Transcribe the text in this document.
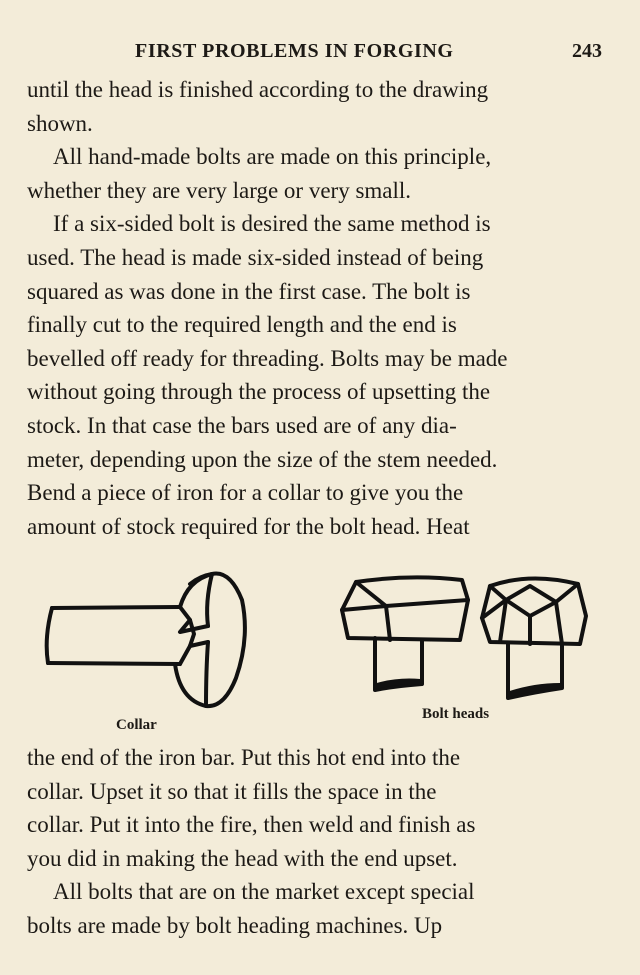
FIRST PROBLEMS IN FORGING	243

until the head is finished according to the drawing
shown.

All hand-made bolts are made on this principle,
whether they are very large or very small.

If a six-sided bolt is desired the same method is
used. The head is made six-sided instead of being
squared as was done in the first case. The bolt is
finally cut to the required length and the end is
bevelled off ready for threading. Bolts may be made
without going through the process of upsetting the
stock. In that case the bars used are of any dia-
meter, depending upon the size of the stem needed.
Bend a piece of iron for a collar to give you the
amount of stock required for the bolt head. Heat

Collar
Bolt heads

the end of the iron bar. Put this hot end into the
collar. Upset it so that it fills the space in the
collar. Put it into the fire, then weld and finish as
you did in making the head with the end upset.

All bolts that are on the market except special
bolts are made by bolt heading machines. Up
